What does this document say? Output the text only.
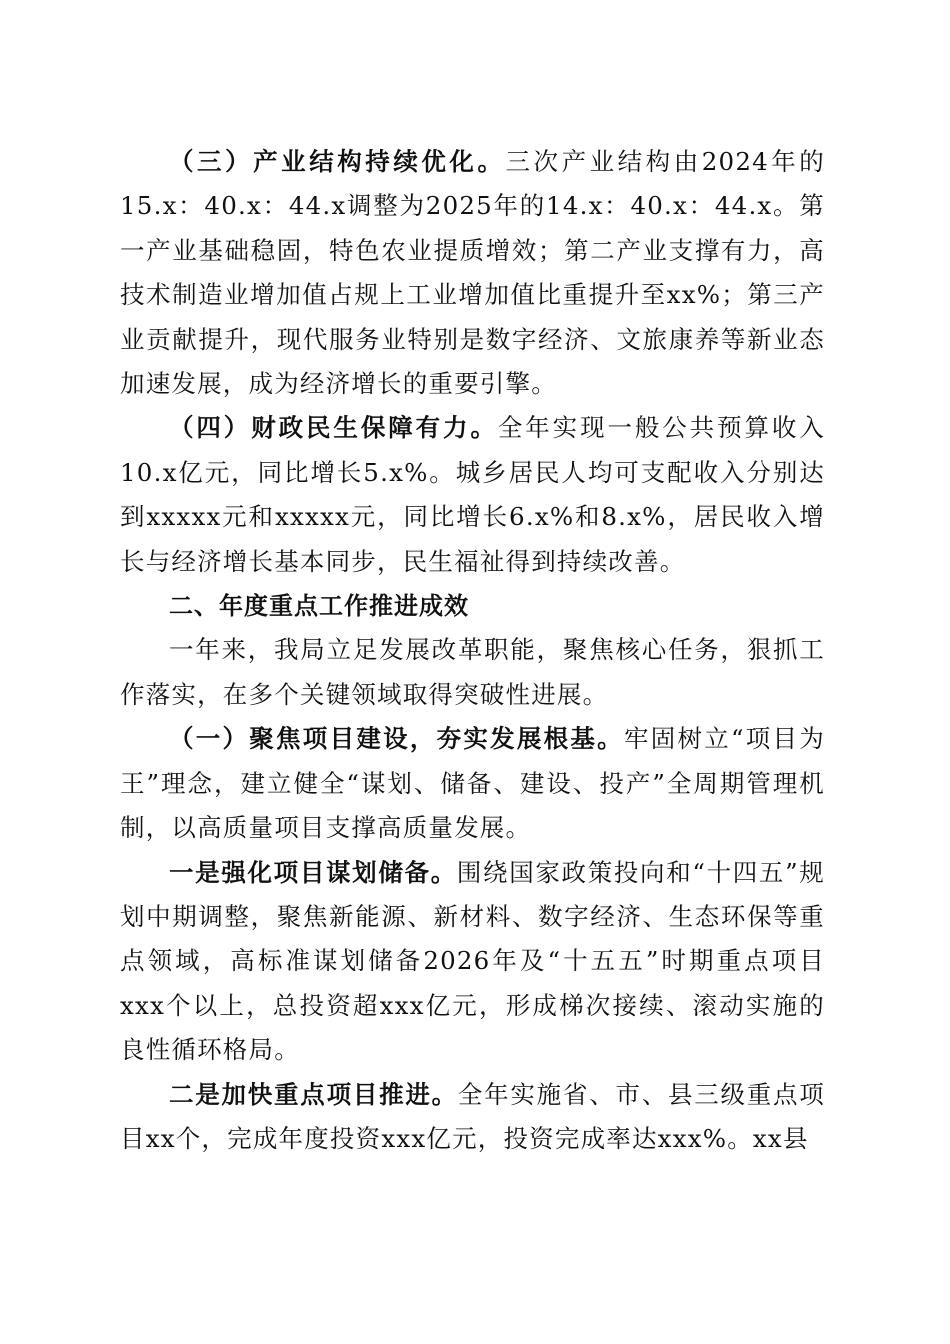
（三）产业结构持续优化。三次产业结构由2024年的15.x：40.x：44.x调整为2025年的14.x：40.x：44.x。第一产业基础稳固，特色农业提质增效；第二产业支撑有力，高技术制造业增加值占规上工业增加值比重提升至xx%；第三产业贡献提升，现代服务业特别是数字经济、文旅康养等新业态加速发展，成为经济增长的重要引擎。

（四）财政民生保障有力。全年实现一般公共预算收入10.x亿元，同比增长5.x%。城乡居民人均可支配收入分别达到xxxxx元和xxxxx元，同比增长6.x%和8.x%，居民收入增长与经济增长基本同步，民生福祉得到持续改善。

二、年度重点工作推进成效

一年来，我局立足发展改革职能，聚焦核心任务，狠抓工作落实，在多个关键领域取得突破性进展。

（一）聚焦项目建设，夯实发展根基。牢固树立“项目为王”理念，建立健全“谋划、储备、建设、投产”全周期管理机制，以高质量项目支撑高质量发展。

一是强化项目谋划储备。围绕国家政策投向和“十四五”规划中期调整，聚焦新能源、新材料、数字经济、生态环保等重点领域，高标准谋划储备2026年及“十五五”时期重点项目xxx个以上，总投资超xxx亿元，形成梯次接续、滚动实施的良性循环格局。

二是加快重点项目推进。全年实施省、市、县三级重点项目xx个，完成年度投资xxx亿元，投资完成率达xxx%。xx县
